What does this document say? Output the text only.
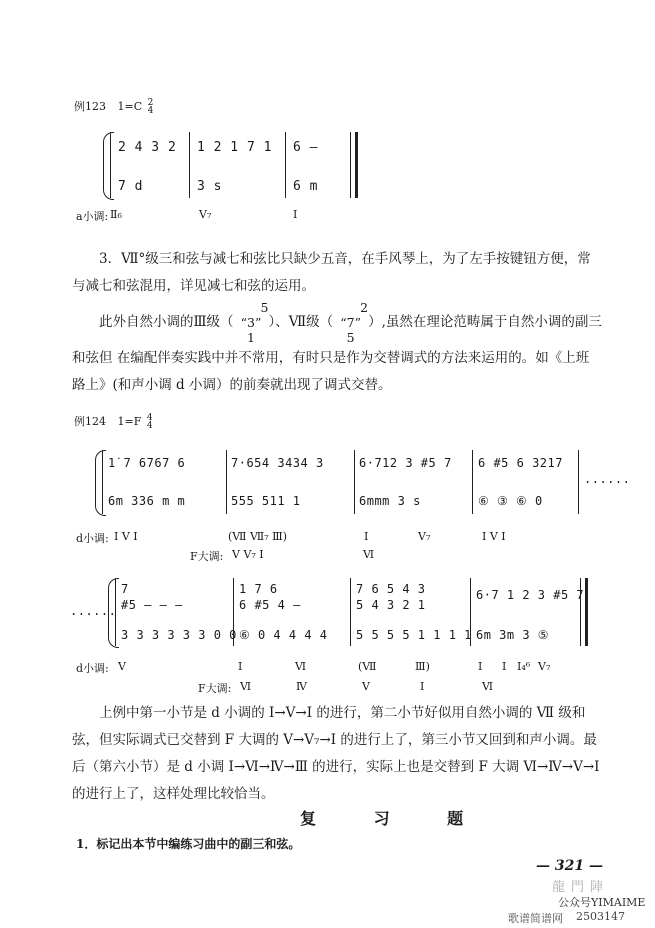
例123 1=C 2
4
2 4 3 2 1 2 1 7 1 6 —
7 d	3 s	6 m
a小调: Ⅱ₆	V₇	Ⅰ
3．Ⅶ°级三和弦与减七和弦比只缺少五音，在手风琴上，为了左手按键钮方便，常与减七和弦混用，详见减七和弦的运用。
此外自然小调的Ⅲ级（5
“3”
1）、Ⅶ级（2
“7”
5）,虽然在理论范畴属于自然小调的副三和弦但 在编配伴奏实践中并不常用，有时只是作为交替调式的方法来运用的。如《上班路上》(和声小调 d 小调）的前奏就出现了调式交替。
例124 1=F 4
4
1̇ 7 6767 6	7·654 3434 3	6·712 3 #5 7 6 #5 6 3217
6m 336 m m	555 511 1	6mmm 3 s	⑥ ③ ⑥ 0
......
d小调: Ⅰ V Ⅰ	(Ⅶ Ⅶ₇ Ⅲ)	Ⅰ	V₇	Ⅰ V Ⅰ
F大调: V V₇ Ⅰ	Ⅵ
......
7	1 7 6	7 6 5 4 3	6·7 1 2 3 #5 7
#5 — — —	6 #5 4 —	5 4 3 2 1
3 3 3 3 3 3 0 0 ⑥ 0 4 4 4 4 5 5 5 5 1 1 1 1 6m 3m 3 ⑤
d小调: V	Ⅰ	Ⅵ	(Ⅶ	Ⅲ)	Ⅰ Ⅰ I₄⁶ V₇
F大调: Ⅵ	Ⅳ	V	Ⅰ	Ⅵ
上例中第一小节是 d 小调的 Ⅰ→V→Ⅰ 的进行，第二小节好似用自然小调的 Ⅶ 级和弦，但实际调式已交替到 F 大调的 V→V₇→Ⅰ 的进行上了，第三小节又回到和声小调。最后（第六小节）是 d 小调 Ⅰ→Ⅵ→Ⅳ→Ⅲ 的进行，实际上也是交替到 F 大调 Ⅵ→Ⅳ→V→Ⅰ 的进行上了，这样处理比较恰当。
复 习 题
1．标记出本节中编练习曲中的副三和弦。
— 321 —
龍門陣
公众号YIMAIME
歌谱简谱网 2503147
